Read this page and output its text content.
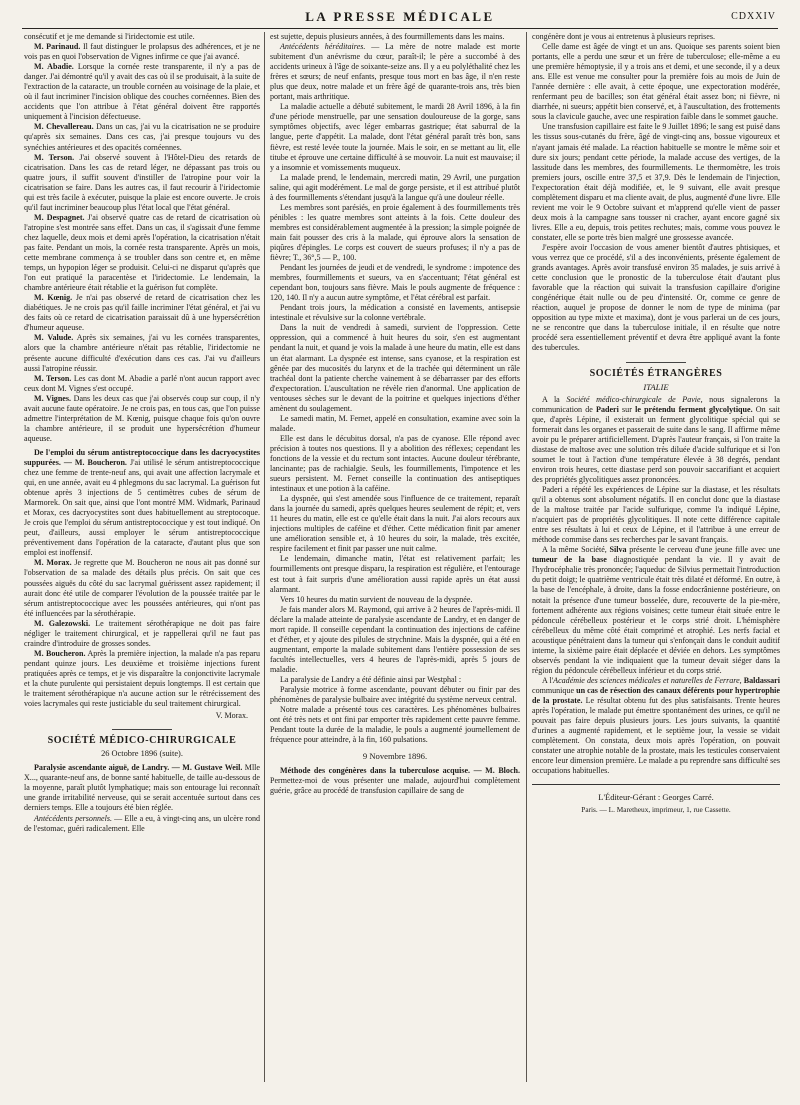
LA PRESSE MÉDICALE	CDXXIV

consécutif et je me demande si l'iridectomie est utile.

M. Parinaud. Il faut distinguer le prolapsus des adhérences, et je ne vois pas en quoi l'observation de Vignes infirme ce que j'ai avancé.

M. Abadie. Lorsque la cornée reste transparente, il n'y a pas de danger. J'ai démontré qu'il y avait des cas où il se produisait, à la suite de l'extraction de la cataracte, un trouble cornéen au voisinage de la plaie, et où il faut incriminer l'incision oblique des couches cornéennes. Bien des accidents que l'on attribue à l'état général doivent être rapportés uniquement à l'incision défectueuse.

M. Chevallereau. Dans un cas, j'ai vu la cicatrisation ne se produire qu'après six semaines. Dans ces cas, j'ai presque toujours vu des synéchies antérieures et des opacités cornéennes.

M. Terson. J'ai observé souvent à l'Hôtel-Dieu des retards de cicatrisation. Dans les cas de retard léger, ne dépassant pas trois ou quatre jours, il suffit souvent d'instiller de l'atropine pour voir la cicatrisation se faire. Dans les autres cas, il faut recourir à l'iridectomie qui est très facile à exécuter, puisque la plaie est encore ouverte. Je crois qu'il faut incriminer beaucoup plus l'état local que l'état général.

M. Despagnet. J'ai observé quatre cas de retard de cicatrisation où l'atropine s'est montrée sans effet. Dans un cas, il s'agissait d'une femme chez laquelle, deux mois et demi après l'opération, la cicatrisation n'était pas faite. Pendant un mois, la cornée resta transparente. Après un mois, cette membrane commença à se troubler dans son centre et, en même temps, un hypopion léger se produisit. Celui-ci ne disparut qu'après que l'on eut pratiqué la paracentèse et l'iridectomie. Le lendemain, la chambre antérieure était rétablie et la guérison fut complète.

M. Kœnig. Je n'ai pas observé de retard de cicatrisation chez les diabétiques. Je ne crois pas qu'il faille incriminer l'état général, et j'ai vu des faits où ce retard de cicatrisation paraissait dû à une hypersécrétion d'humeur aqueuse.

M. Valude. Après six semaines, j'ai vu les cornées transparentes, alors que la chambre antérieure n'était pas rétablie, l'iridectomie ne présente aucune difficulté d'exécution dans ces cas. J'ai vu d'ailleurs aussi l'atropine réussir.

M. Terson. Les cas dont M. Abadie a parlé n'ont aucun rapport avec ceux dont M. Vignes s'est occupé.

M. Vignes. Dans les deux cas que j'ai observés coup sur coup, il n'y avait aucune faute opératoire. Je ne crois pas, en tous cas, que l'on puisse admettre l'interprétation de M. Kœnig, puisque chaque fois qu'on ouvre la chambre antérieure, il se produit une hypersécrétion d'humeur aqueuse.

De l'emploi du sérum antistreptococcique dans les dacryocystites suppurées. — M. Boucheron. J'ai utilisé le sérum antistreptococcique chez une femme de trente-neuf ans, qui avait une affection lacrymale et qui, en une année, avait eu 4 phlegmons du sac lacrymal. La guérison fut obtenue après 3 injections de 5 centimètres cubes de sérum de Marmorek. On sait que, ainsi que l'ont montré MM. Widmark, Parinaud et Morax, ces dacryocystites sont dues habituellement au streptocoque. Je crois que l'emploi du sérum antistreptococcique y est tout indiqué. On peut, d'ailleurs, aussi employer le sérum antistreptococcique préventivement dans l'opération de la cataracte, d'autant plus que son emploi est inoffensif.

M. Morax. Je regrette que M. Boucheron ne nous ait pas donné sur l'observation de sa malade des détails plus précis. On sait que ces poussées aiguës du côté du sac lacrymal guérissent assez rapidement; il aurait donc été utile de comparer l'évolution de la poussée traitée par le sérum antistreptococcique avec les poussées antérieures, qui n'ont pas été influencées par la sérothérapie.

M. Galezowski. Le traitement sérothérapique ne doit pas faire négliger le traitement chirurgical, et je rappellerai qu'il ne faut pas craindre d'introduire de grosses sondes.

M. Boucheron. Après la première injection, la malade n'a pas reparu pendant quinze jours. Les deuxième et troisième injections furent pratiquées après ce temps, et je vis disparaître la conjonctivite lacrymale et la chute purulente qui persistaient depuis longtemps. Il est certain que le traitement sérothérapique n'a aucune action sur le rétrécissement des voies lacrymales qui reste justiciable du seul traitement chirurgical.

V. Morax.

SOCIÉTÉ MÉDICO-CHIRURGICALE

26 Octobre 1896 (suite).

Paralysie ascendante aiguë, de Landry. — M. Gustave Weil. Mlle X..., quarante-neuf ans, de bonne santé habituelle, de taille au-dessous de la moyenne, paraît plutôt lymphatique; mais son entourage lui reconnaît une grande irritabilité nerveuse, qui se serait accentuée surtout dans ces derniers temps. Elle a toujours été bien réglée.

Antécédents personnels. — Elle a eu, à vingt-cinq ans, un ulcère rond de l'estomac, guéri radicalement. Elle

est sujette, depuis plusieurs années, à des fourmillements dans les mains.

Antécédents héréditaires. — La mère de notre malade est morte subitement d'un anévrisme du cœur, paraît-il; le père a succombé à des accidents urineux à l'âge de soixante-seize ans. Il y a eu polyléthalité chez les frères et sœurs; de neuf enfants, presque tous mort en bas âge, il n'en reste plus que deux, notre malade et un frère âgé de quarante-trois ans, très bien portant, mais arthritique.

La maladie actuelle a débuté subitement, le mardi 28 Avril 1896, à la fin d'une période menstruelle, par une sensation douloureuse de la gorge, sans symptômes objectifs, avec léger embarras gastrique; état saburral de la langue, perte d'appétit. La malade, dont l'état général paraît très bon, sans fièvre, est resté levée toute la journée. Mais le soir, en se mettant au lit, elle titube et éprouve une certaine difficulté à se mouvoir. La nuit est mauvaise; il y a insomnie et vomissements muqueux.

La malade prend, le lendemain, mercredi matin, 29 Avril, une purgation saline, qui agit modérément. Le mal de gorge persiste, et il est attribué plutôt à des fourmillements s'étendant jusqu'à la langue qu'à une douleur réelle.

Les membres sont parésiés, en proie également à des fourmillements très pénibles : les quatre membres sont atteints à la fois. Cette douleur des membres est considérablement augmentée à la pression; la simple poignée de main fait pousser des cris à la malade, qui éprouve alors la sensation de piqûres d'épingles. Le corps est couvert de sueurs profuses; il n'y a pas de fièvre; T., 36°,5 — P., 100.

Pendant les journées de jeudi et de vendredi, le syndrome : impotence des membres, fourmillements et sueurs, va en s'accentuant; l'état général est cependant bon, toujours sans fièvre. Mais le pouls augmente de fréquence : 120, 140. Il n'y a aucun autre symptôme, et l'état cérébral est parfait.

Pendant trois jours, la médication a consisté en lavements, antisepsie intestinale et révulsive sur la colonne vertébrale.

Dans la nuit de vendredi à samedi, survient de l'oppression. Cette oppression, qui a commencé à huit heures du soir, s'en est augmentant pendant la nuit, et quand je vois la malade à une heure du matin, elle est dans un état alarmant. La dyspnée est intense, sans cyanose, et la respiration est gênée par des mucosités du larynx et de la trachée qui déterminent un râle trachéal dont la patiente cherche vainement à se débarrasser par des efforts d'expectoration. L'auscultation ne révèle rien d'anormal. Une application de ventouses sèches sur le devant de la poitrine et quelques injections d'éther amènent du soulagement.

Le samedi matin, M. Fernet, appelé en consultation, examine avec soin la malade.

Elle est dans le décubitus dorsal, n'a pas de cyanose. Elle répond avec précision à toutes nos questions. Il y a abolition des réflexes; cependant les fonctions de la vessie et du rectum sont intactes. Aucune douleur térébrante, lancinante; pas de rachialgie. Seuls, les fourmillements, l'impotence et les sueurs persistent. M. Fernet conseille la continuation des antiseptiques intestinaux et une potion à la caféine.

La dyspnée, qui s'est amendée sous l'influence de ce traitement, reparaît dans la journée du samedi, après quelques heures seulement de répit; et, vers 11 heures du matin, elle est ce qu'elle était dans la nuit. J'ai alors recours aux injections multiples de caféine et d'éther. Cette médication finit par amener une amélioration sensible et, à 10 heures du soir, la malade, très excitée, respire facilement et finit par passer une nuit calme.

Le lendemain, dimanche matin, l'état est relativement parfait; les fourmillements ont presque disparu, la respiration est régulière, et l'entourage est tout à fait surpris d'une amélioration aussi rapide après un état aussi alarmant.

Vers 10 heures du matin survient de nouveau de la dyspnée.

Je fais mander alors M. Raymond, qui arrive à 2 heures de l'après-midi. Il déclare la malade atteinte de paralysie ascendante de Landry, et en danger de mort rapide. Il conseille cependant la continuation des injections de caféine et d'éther, et y ajoute des pilules de strychnine. Mais la dyspnée, qui a été en augmentant, emporte la malade subitement dans l'entière possession de ses facultés intellectuelles, vers 4 heures de l'après-midi, après 5 jours de maladie.

La paralysie de Landry a été définie ainsi par Westphal :

Paralysie motrice à forme ascendante, pouvant débuter ou finir par des phénomènes de paralysie bulbaire avec intégrité du système nerveux central.

Notre malade a présenté tous ces caractères. Les phénomènes bulbaires ont été très nets et ont fini par emporter très rapidement cette pauvre femme. Pendant toute la durée de la maladie, le pouls a augmenté journellement de fréquence pour atteindre, à la fin, 160 pulsations.

9 Novembre 1896.

Méthode des congénères dans la tuberculose acquise. — M. Bloch. Permettez-moi de vous présenter une malade, aujourd'hui complètement guérie, grâce au procédé de transfusion capillaire de sang de

congénère dont je vous ai entretenus à plusieurs reprises.

Celle dame est âgée de vingt et un ans. Quoique ses parents soient bien portants, elle a perdu une sœur et un frère de tuberculose; elle-même a eu une première hémoptysie, il y a trois ans et demi, et une seconde, il y a deux ans. Elle est venue me consulter pour la première fois au mois de Juin de l'année dernière : elle avait, à cette époque, une expectoration modérée, renfermant peu de bacilles; son état général était assez bon; ni fièvre, ni diarrhée, ni sueurs; appétit bien conservé, et, à l'auscultation, des frottements sous la clavicule gauche, avec une respiration faible dans le sommet gauche.

Une transfusion capillaire est faite le 9 Juillet 1896; le sang est puisé dans les tissus sous-cutanés du frère, âgé de vingt-cinq ans, bossue vigoureux et n'ayant jamais été malade. La réaction habituelle se montre le même soir et dure six jours; pendant cette période, la malade accuse des vertiges, de la lassitude dans les membres, des fourmillements. Le thermomètre, les trois premiers jours, oscille entre 37,5 et 37,9. Dès le lendemain de l'injection, l'expectoration était déjà modifiée, et, le 9 suivant, elle avait presque complètement disparu et ma cliente avait, de plus, augmenté d'une livre. Elle revient me voir le 9 Octobre suivant et m'apprend qu'elle vient de passer deux mois à la campagne sans tousser ni cracher, ayant encore gagné six livres. Elle a eu, depuis, trois petites rechutes; mais, comme vous pouvez le constater, elle se porte très bien malgré une grossesse avancée.

J'espère avoir l'occasion de vous amener bientôt d'autres phtisiques, et vous verrez que ce procédé, s'il a des inconvénients, présente également de grands avantages. Après avoir transfusé environ 35 malades, je suis arrivé à cette conclusion que le pronostic de la tuberculose était d'autant plus favorable que la réaction qui suivait la transfusion capillaire d'origine congénérique était nulle ou de peu d'intensité. Or, comme ce genre de réaction, auquel je propose de donner le nom de type de minima (par opposition au type mixte et maxima), dont je vous parlerai un de ces jours, ne se rencontre que dans la tuberculose initiale, il en résulte que notre procédé sera essentiellement préventif et devra être appliqué avant la fonte des tubercules.

SOCIÉTÉS ÉTRANGÈRES

ITALIE

A la Société médico-chirurgicale de Pavie, nous signalerons la communication de Paderi sur le prétendu ferment glycolytique. On sait que, d'après Lépine, il existerait un ferment glycolitique spécial qui se formerait dans les organes et passerait de suite dans le sang. Il affirme même avoir pu le préparer artificiellement. D'après l'auteur français, si l'on traite la diastase de maltose avec une solution très diluée d'acide sulfurique et si l'on soumet le tout à l'action d'une température élevée à 38 degrés, pendant environ trois heures, cette diastase perd son pouvoir saccarifiant et acquiert des propriétés glycolitiques assez prononcées.

Paderi a répété les expériences de Lépine sur la diastase, et les résultats qu'il a obtenus sont absolument négatifs. Il en conclut donc que la diastase de la maltose traitée par l'acide sulfurique, comme l'a indiqué Lépine, n'acquiert pas de propriétés glycolitiques. Il note cette différence capitale entre ses résultats à lui et ceux de Lépine, et il l'attribue à une erreur de méthode commise dans ses recherches par le savant français.

A la même Société, Silva présente le cerveau d'une jeune fille avec une tumeur de la base diagnostiquée pendant la vie. Il y avait de l'hydrocéphalie très prononcée; l'aqueduc de Silvius permettait l'introduction du petit doigt; le quatrième ventricule était très dilaté et déformé. En outre, à la base de l'encéphale, à droite, dans la fosse endocrânienne postérieure, on notait la présence d'une tumeur bosselée, dure, recouverte de la pie-mère, fortement adhérente aux régions voisines; cette tumeur était située entre le pédoncule cérébelleux postérieur et le corps strié droit. L'hémisphère cérébelleux du même côté était comprimé et atrophié. Les nerfs facial et acoustique pénétraient dans la tumeur qui s'enfonçait dans le conduit auditif interne, la sixième paire était déplacée et déviée en dehors. Les symptômes observés pendant la vie indiquaient que la tumeur devait siéger dans la région du pédoncule cérébelleux inférieur et du corps strié.

A l'Académie des sciences médicales et naturelles de Ferrare, Baldassari communique un cas de résection des canaux déférents pour hypertrophie de la prostate. Le résultat obtenu fut des plus satisfaisants. Trente heures après l'opération, le malade put émettre spontanément des urines, ce qu'il ne pouvait pas faire depuis plusieurs jours. Les jours suivants, la quantité d'urines a augmenté rapidement, et le septième jour, la vessie se vidait complètement. On constata, deux mois après l'opération, on pouvait constater une atrophie notable de la prostate, mais les testicules conservaient encore leur dimension première. Le malade a pu reprendre sans difficulté ses occupations habituelles.

L'Éditeur-Gérant : Georges Carré.

Paris. — L. Maretheux, imprimeur, 1, rue Cassette.
